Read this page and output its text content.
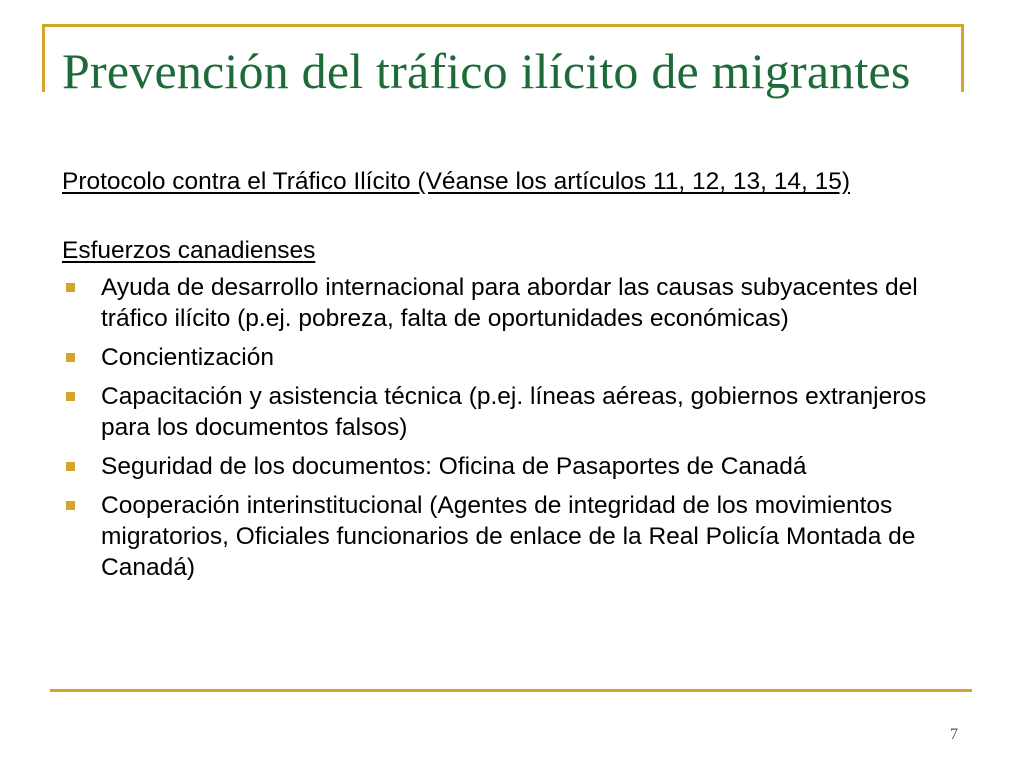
Prevención del tráfico ilícito de migrantes

Protocolo contra el Tráfico Ilícito (Véanse los artículos 11, 12, 13, 14, 15)

Esfuerzos canadienses

Ayuda de desarrollo internacional para abordar las causas subyacentes del tráfico ilícito (p.ej. pobreza, falta de oportunidades económicas)
Concientización
Capacitación y asistencia técnica (p.ej. líneas aéreas, gobiernos extranjeros para los documentos falsos)
Seguridad de los documentos: Oficina de Pasaportes de Canadá
Cooperación interinstitucional (Agentes de integridad de los movimientos migratorios, Oficiales funcionarios de enlace de la Real Policía Montada de Canadá)
7
